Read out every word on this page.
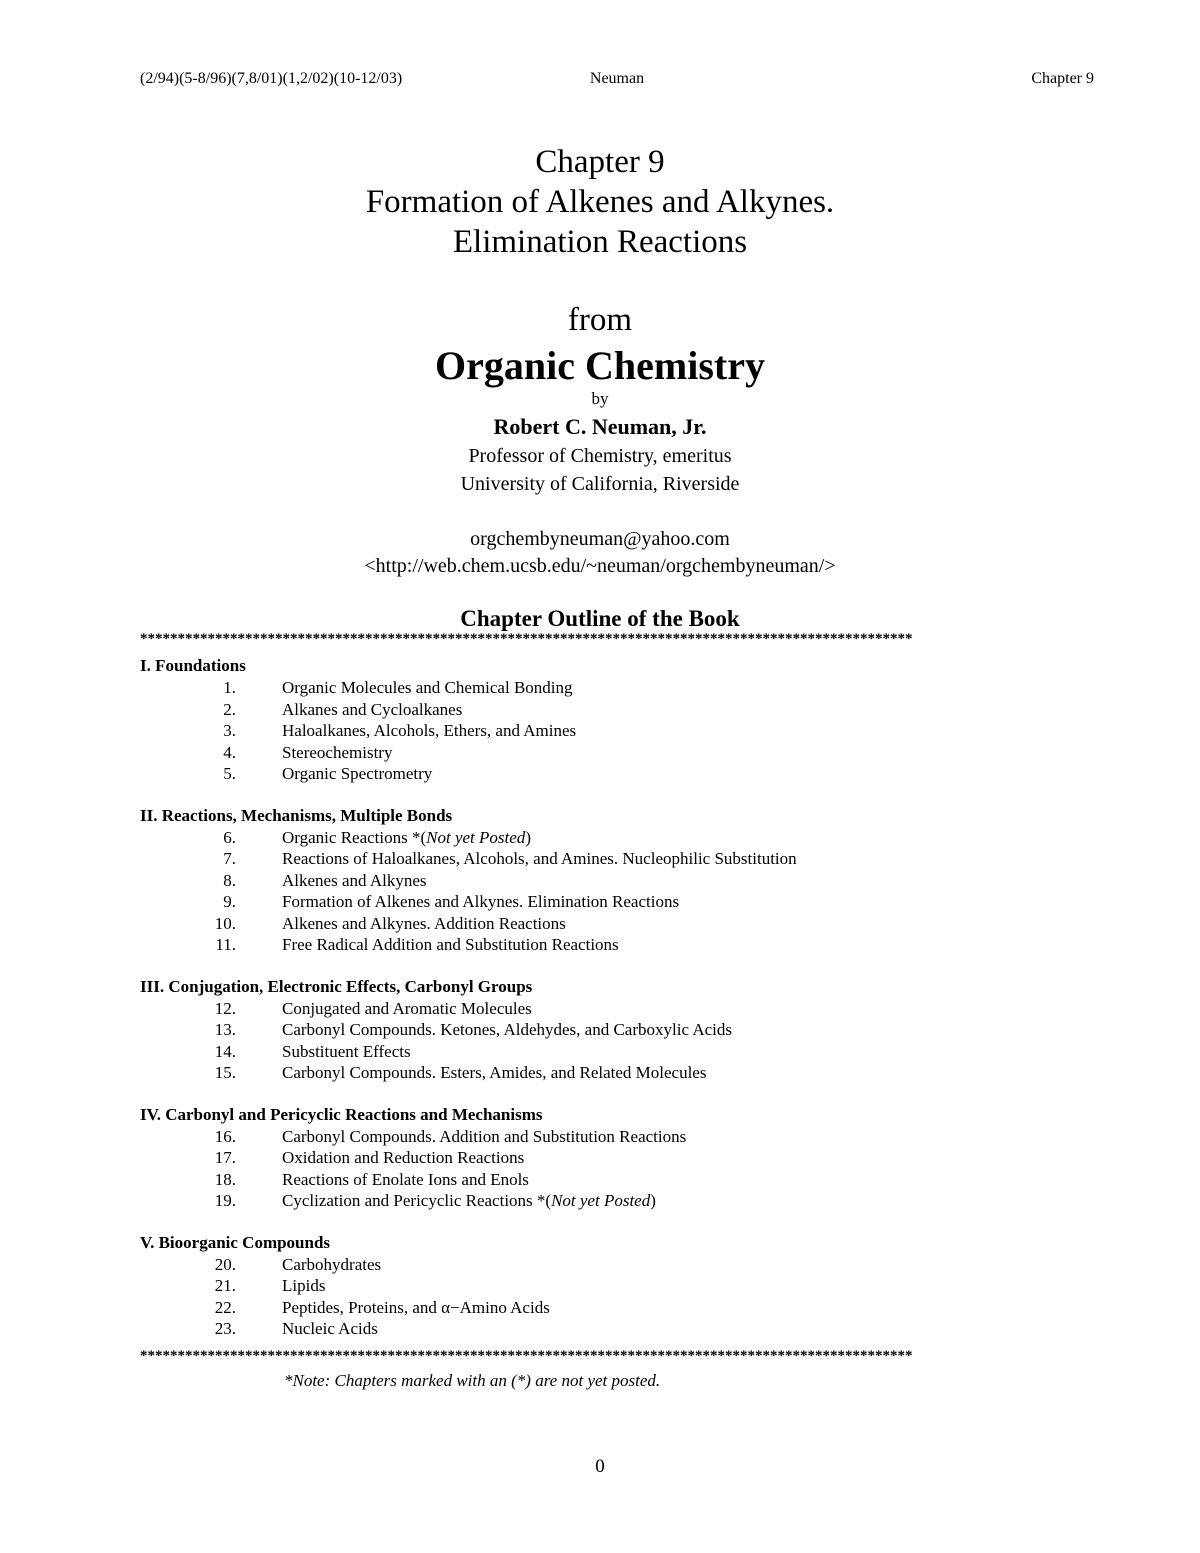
(2/94)(5-8/96)(7,8/01)(1,2/02)(10-12/03)	Neuman	Chapter 9
Chapter 9
Formation of Alkenes and Alkynes.
Elimination Reactions
from
Organic Chemistry
by
Robert C. Neuman, Jr.
Professor of Chemistry, emeritus
University of California, Riverside
orgchembyneuman@yahoo.com
<http://web.chem.ucsb.edu/~neuman/orgchembyneuman/>
Chapter Outline of the Book
*******************************************************************************************************
I. Foundations
1.	Organic Molecules and Chemical Bonding
2.	Alkanes and Cycloalkanes
3.	Haloalkanes, Alcohols, Ethers, and Amines
4.	Stereochemistry
5.	Organic Spectrometry
II. Reactions, Mechanisms, Multiple Bonds
6.	Organic Reactions *(Not yet Posted)
7.	Reactions of Haloalkanes, Alcohols, and Amines. Nucleophilic Substitution
8.	Alkenes and Alkynes
9.	Formation of Alkenes and Alkynes. Elimination Reactions
10.	Alkenes and Alkynes. Addition Reactions
11.	Free Radical Addition and Substitution Reactions
III. Conjugation, Electronic Effects, Carbonyl Groups
12.	Conjugated and Aromatic Molecules
13.	Carbonyl Compounds. Ketones, Aldehydes, and Carboxylic Acids
14.	Substituent Effects
15.	Carbonyl Compounds. Esters, Amides, and Related Molecules
IV. Carbonyl and Pericyclic Reactions and Mechanisms
16.	Carbonyl Compounds. Addition and Substitution Reactions
17.	Oxidation and Reduction Reactions
18.	Reactions of Enolate Ions and Enols
19.	Cyclization and Pericyclic Reactions *(Not yet Posted)
V. Bioorganic Compounds
20.	Carbohydrates
21.	Lipids
22.	Peptides, Proteins, and α−Amino Acids
23.	Nucleic Acids
*******************************************************************************************************
*Note: Chapters marked with an (*) are not yet posted.
0
